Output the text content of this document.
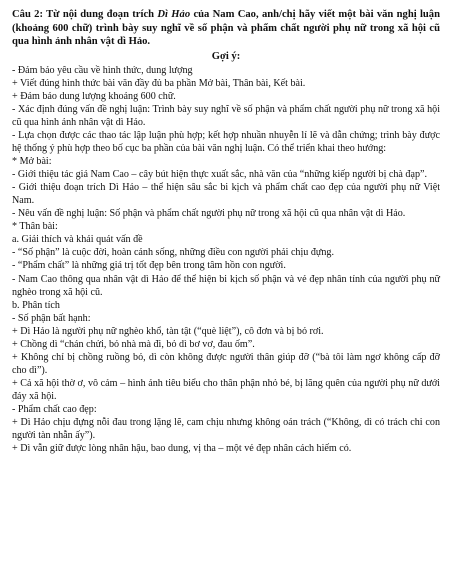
Câu 2: Từ nội dung đoạn trích Dì Hảo của Nam Cao, anh/chị hãy viết một bài văn nghị luận (khoảng 600 chữ) trình bày suy nghĩ về số phận và phẩm chất người phụ nữ trong xã hội cũ qua hình ảnh nhân vật dì Hảo.

Gợi ý:

- Đảm bảo yêu cầu về hình thức, dung lượng

+ Viết đúng hình thức bài văn đầy đủ ba phần Mở bài, Thân bài, Kết bài.

+ Đảm bảo dung lượng khoảng 600 chữ.

- Xác định đúng vấn đề nghị luận: Trình bày suy nghĩ về số phận và phẩm chất người phụ nữ trong xã hội cũ qua hình ảnh nhân vật dì Hảo.

- Lựa chọn được các thao tác lập luận phù hợp; kết hợp nhuần nhuyễn lí lẽ và dẫn chứng; trình bày được hệ thống ý phù hợp theo bố cục ba phần của bài văn nghị luận. Có thể triển khai theo hướng:

* Mở bài:

- Giới thiệu tác giả Nam Cao – cây bút hiện thực xuất sắc, nhà văn của “những kiếp người bị chà đạp”.

- Giới thiệu đoạn trích Dì Hảo – thể hiện sâu sắc bi kịch và phẩm chất cao đẹp của người phụ nữ Việt Nam.

- Nêu vấn đề nghị luận: Số phận và phẩm chất người phụ nữ trong xã hội cũ qua nhân vật dì Hảo.

* Thân bài:

a. Giải thích và khái quát vấn đề

- “Số phận” là cuộc đời, hoàn cảnh sống, những điều con người phải chịu đựng.

- “Phẩm chất” là những giá trị tốt đẹp bên trong tâm hồn con người.

- Nam Cao thông qua nhân vật dì Hảo để thể hiện bi kịch số phận và vẻ đẹp nhân tính của người phụ nữ nghèo trong xã hội cũ.

b. Phân tích

- Số phận bất hạnh:

+ Dì Hảo là người phụ nữ nghèo khổ, tàn tật (“què liệt”), cô đơn và bị bỏ rơi.

+ Chồng dì “chán chửi, bỏ nhà mà đi, bỏ dì bơ vơ, đau ốm”.

+ Không chỉ bị chồng ruồng bỏ, dì còn không được người thân giúp đỡ (“bà tôi làm ngơ không cấp đỡ cho dì”).

+ Cả xã hội thờ ơ, vô cảm – hình ảnh tiêu biểu cho thân phận nhỏ bé, bị lãng quên của người phụ nữ dưới đáy xã hội.

- Phẩm chất cao đẹp:

+ Dì Hảo chịu đựng nỗi đau trong lặng lẽ, cam chịu nhưng không oán trách (“Không, dì có trách chi con người tàn nhẫn ấy”).

+ Dì vẫn giữ được lòng nhân hậu, bao dung, vị tha – một vẻ đẹp nhân cách hiếm có.
